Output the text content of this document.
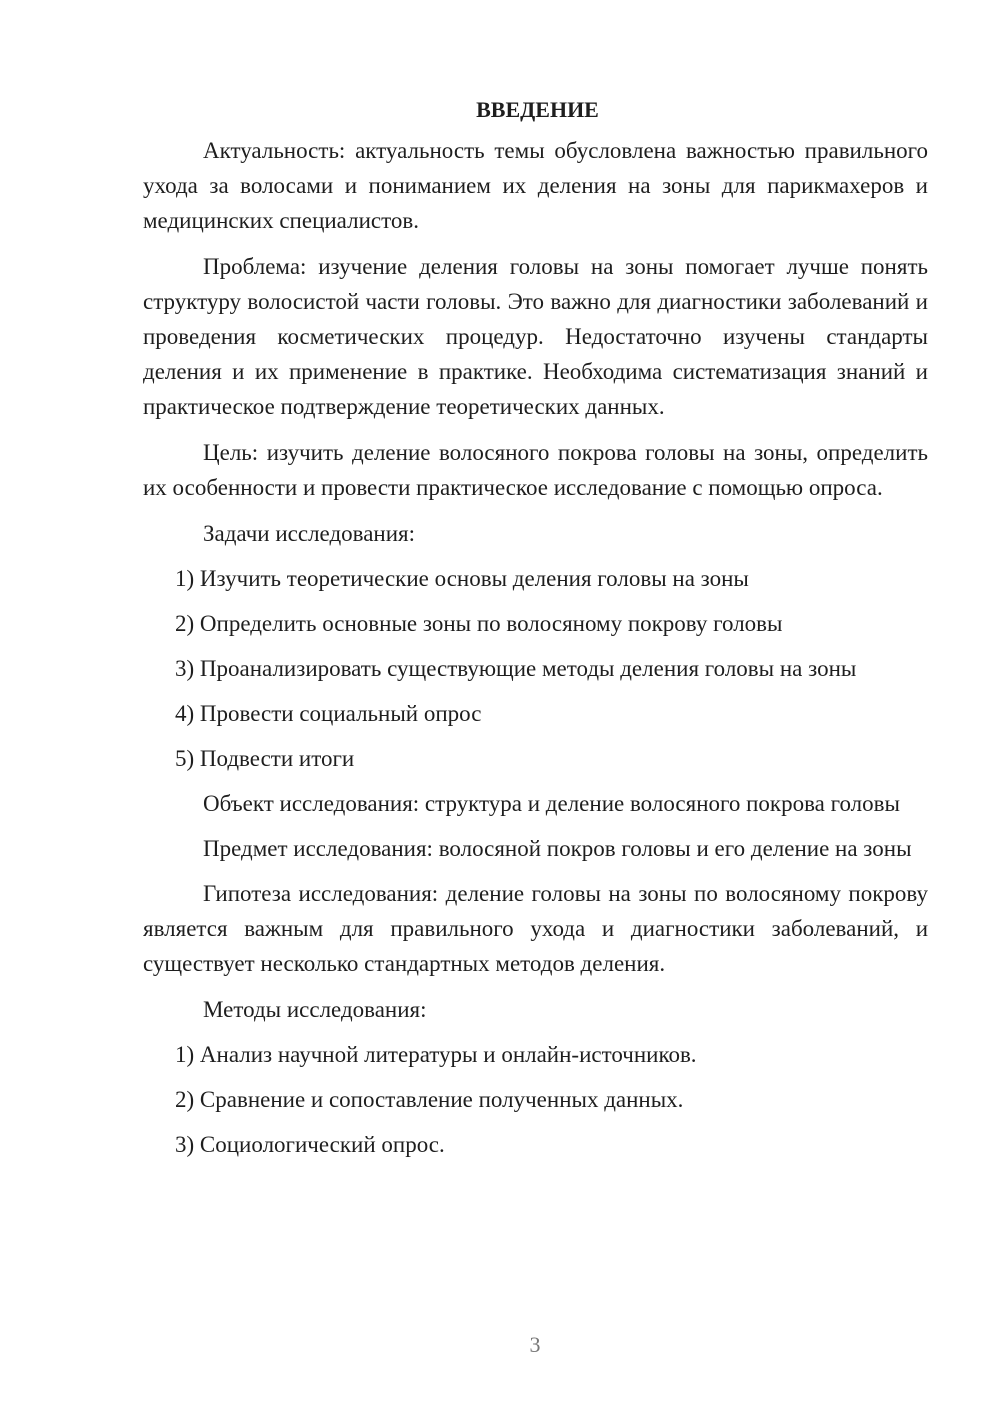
ВВЕДЕНИЕ

Актуальность: актуальность темы обусловлена важностью правильного ухода за волосами и пониманием их деления на зоны для парикмахеров и медицинских специалистов.

Проблема: изучение деления головы на зоны помогает лучше понять структуру волосистой части головы. Это важно для диагностики заболеваний и проведения косметических процедур. Недостаточно изучены стандарты деления и их применение в практике. Необходима систематизация знаний и практическое подтверждение теоретических данных.

Цель: изучить деление волосяного покрова головы на зоны, определить их особенности и провести практическое исследование с помощью опроса.

Задачи исследования:
1) Изучить теоретические основы деления головы на зоны
2) Определить основные зоны по волосяному покрову головы
3) Проанализировать существующие методы деления головы на зоны
4) Провести социальный опрос
5) Подвести итоги

Объект исследования: структура и деление волосяного покрова головы

Предмет исследования: волосяной покров головы и его деление на зоны

Гипотеза исследования: деление головы на зоны по волосяному покрову является важным для правильного ухода и диагностики заболеваний, и существует несколько стандартных методов деления.

Методы исследования:
1) Анализ научной литературы и онлайн-источников.
2) Сравнение и сопоставление полученных данных.
3) Социологический опрос.
3
